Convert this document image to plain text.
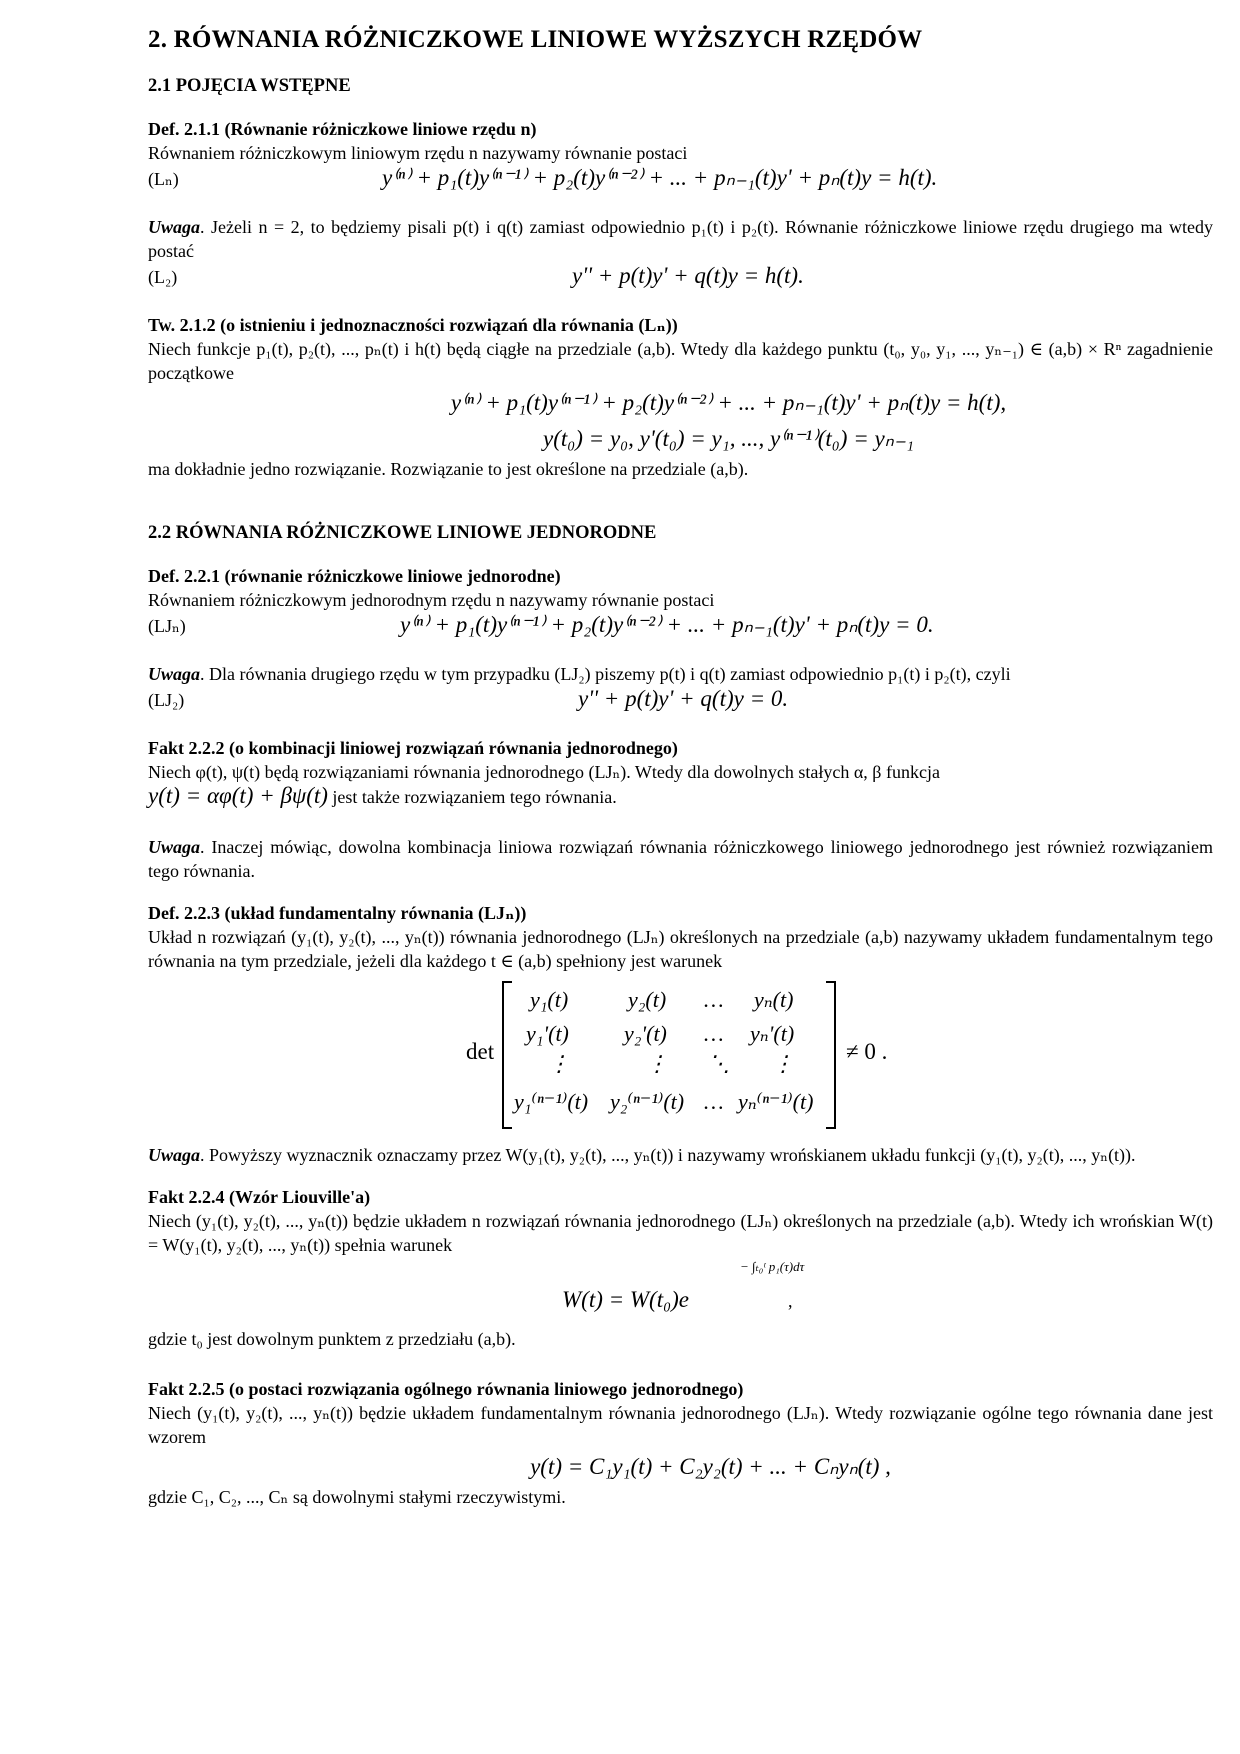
2. RÓWNANIA RÓŻNICZKOWE LINIOWE WYŻSZYCH RZĘDÓW
2.1 POJĘCIA WSTĘPNE
Def. 2.1.1 (Równanie różniczkowe liniowe rzędu n)
Równaniem różniczkowym liniowym rzędu n nazywamy równanie postaci
(Lₙ)	y⁽ⁿ⁾ + p₁(t)y⁽ⁿ⁻¹⁾ + p₂(t)y⁽ⁿ⁻²⁾ + ... + pₙ₋₁(t)y' + pₙ(t)y = h(t).
Uwaga. Jeżeli n = 2, to będziemy pisali p(t) i q(t) zamiast odpowiednio p₁(t) i p₂(t). Równanie różniczkowe liniowe rzędu drugiego ma wtedy postać
(L₂)	y'' + p(t)y' + q(t)y = h(t).
Tw. 2.1.2 (o istnieniu i jednoznaczności rozwiązań dla równania (Lₙ))
Niech funkcje p₁(t), p₂(t), ..., pₙ(t) i h(t) będą ciągłe na przedziale (a,b). Wtedy dla każdego punktu (t₀, y₀, y₁, ..., yₙ₋₁) ∈ (a,b) × Rⁿ zagadnienie początkowe
y⁽ⁿ⁾ + p₁(t)y⁽ⁿ⁻¹⁾ + p₂(t)y⁽ⁿ⁻²⁾ + ... + pₙ₋₁(t)y' + pₙ(t)y = h(t),
y(t₀) = y₀, y'(t₀) = y₁, ..., y⁽ⁿ⁻¹⁾(t₀) = yₙ₋₁
ma dokładnie jedno rozwiązanie. Rozwiązanie to jest określone na przedziale (a,b).
2.2 RÓWNANIA RÓŻNICZKOWE LINIOWE JEDNORODNE
Def. 2.2.1 (równanie różniczkowe liniowe jednorodne)
Równaniem różniczkowym jednorodnym rzędu n nazywamy równanie postaci
(LJₙ)	y⁽ⁿ⁾ + p₁(t)y⁽ⁿ⁻¹⁾ + p₂(t)y⁽ⁿ⁻²⁾ + ... + pₙ₋₁(t)y' + pₙ(t)y = 0.
Uwaga. Dla równania drugiego rzędu w tym przypadku (LJ₂) piszemy p(t) i q(t) zamiast odpowiednio p₁(t) i p₂(t), czyli
(LJ₂)	y'' + p(t)y' + q(t)y = 0.
Fakt 2.2.2 (o kombinacji liniowej rozwiązań równania jednorodnego)
Niech φ(t), ψ(t) będą rozwiązaniami równania jednorodnego (LJₙ). Wtedy dla dowolnych stałych α, β funkcja
y(t) = αφ(t) + βψ(t) jest także rozwiązaniem tego równania.
Uwaga. Inaczej mówiąc, dowolna kombinacja liniowa rozwiązań równania różniczkowego liniowego jednorodnego jest również rozwiązaniem tego równania.
Def. 2.2.3 (układ fundamentalny równania (LJₙ))
Układ n rozwiązań (y₁(t), y₂(t), ..., yₙ(t)) równania jednorodnego (LJₙ) określonych na przedziale (a,b) nazywamy układem fundamentalnym tego równania na tym przedziale, jeżeli dla każdego t ∈ (a,b) spełniony jest warunek
det
y₁(t)	y₂(t) … yₙ(t)
y₁'(t)	y₂'(t) … yₙ'(t)
⋮	⋮ ⋱ ⋮
y₁⁽ⁿ⁻¹⁾(t) y₂⁽ⁿ⁻¹⁾(t) … yₙ⁽ⁿ⁻¹⁾(t)
≠ 0 .
Uwaga. Powyższy wyznacznik oznaczamy przez W(y₁(t), y₂(t), ..., yₙ(t)) i nazywamy wrońskianem układu funkcji (y₁(t), y₂(t), ..., yₙ(t)).
Fakt 2.2.4 (Wzór Liouville'a)
Niech (y₁(t), y₂(t), ..., yₙ(t)) będzie układem n rozwiązań równania jednorodnego (LJₙ) określonych na przedziale (a,b). Wtedy ich wrońskian W(t) = W(y₁(t), y₂(t), ..., yₙ(t)) spełnia warunek
W(t) = W(t₀)e
− ∫ₜ₀ᵗ p₁(τ)dτ
,
gdzie t₀ jest dowolnym punktem z przedziału (a,b).
Fakt 2.2.5 (o postaci rozwiązania ogólnego równania liniowego jednorodnego)
Niech (y₁(t), y₂(t), ..., yₙ(t)) będzie układem fundamentalnym równania jednorodnego (LJₙ). Wtedy rozwiązanie ogólne tego równania dane jest wzorem
y(t) = C₁y₁(t) + C₂y₂(t) + ... + Cₙyₙ(t) ,
gdzie C₁, C₂, ..., Cₙ są dowolnymi stałymi rzeczywistymi.
